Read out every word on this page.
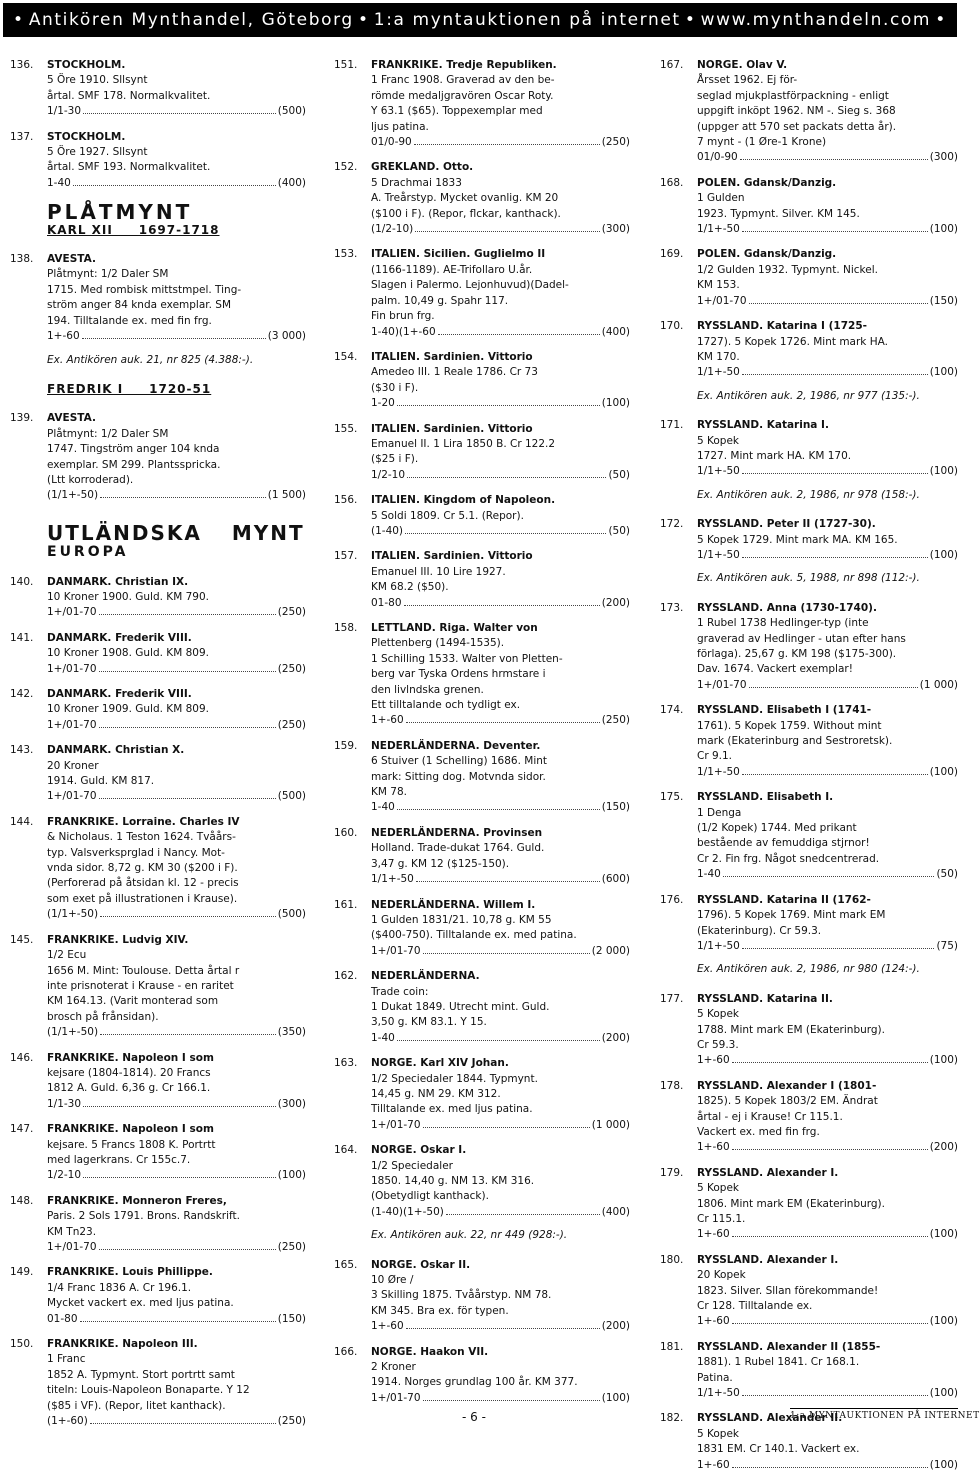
• Antikören Mynthandel, Göteborg • 1:a myntauktionen på internet • www.mynthandeln.com •
136. STOCKHOLM.
5 Öre 1910. Sllsynt
årtal. SMF 178. Normalkvalitet.
1/1-30	(500)
137. STOCKHOLM.
5 Öre 1927. Sllsynt
årtal. SMF 193. Normalkvalitet.
1-40	(400)
PLÅTMYNT
KARL XII     1697-1718
138. AVESTA.
Plåtmynt: 1/2 Daler SM
1715. Med rombisk mittstmpel. Ting-
ström anger 84 knda exemplar. SM
194. Tilltalande ex. med fin frg.
1+-60	(3 000)
Ex. Antikören auk. 21, nr 825 (4.388:-).
FREDRIK I     1720-51
139. AVESTA.
Plåtmynt: 1/2 Daler SM
1747. Tingström anger 104 knda
exemplar. SM 299. Plantsspricka.
(Ltt korroderad).
(1/1+-50)	(1 500)
UTLÄNDSKA MYNT
EUROPA
140. DANMARK. Christian IX.
10 Kroner 1900. Guld. KM 790.
1+/01-70	(250)
141. DANMARK. Frederik VIII.
10 Kroner 1908. Guld. KM 809.
1+/01-70	(250)
142. DANMARK. Frederik VIII.
10 Kroner 1909. Guld. KM 809.
1+/01-70	(250)
143. DANMARK. Christian X.
20 Kroner
1914. Guld. KM 817.
1+/01-70	(500)
144. FRANKRIKE. Lorraine. Charles IV
& Nicholaus. 1 Teston 1624. Tvåårs-
typ. Valsverksprglad i Nancy. Mot-
vnda sidor. 8,72 g. KM 30 ($200 i F).
(Perforerad på åtsidan kl. 12 - precis
som exet på illustrationen i Krause).
(1/1+-50)	(500)
145. FRANKRIKE. Ludvig XIV.
1/2 Ecu
1656 M. Mint: Toulouse. Detta årtal r
inte prisnoterat i Krause - en raritet
KM 164.13. (Varit monterad som
brosch på frånsidan).
(1/1+-50)	(350)
146. FRANKRIKE. Napoleon I som
kejsare (1804-1814). 20 Francs
1812 A. Guld. 6,36 g. Cr 166.1.
1/1-30	(300)
147. FRANKRIKE. Napoleon I som
kejsare. 5 Francs 1808 K. Portrtt
med lagerkrans. Cr 155c.7.
1/2-10	(100)
148. FRANKRIKE. Monneron Freres,
Paris. 2 Sols 1791. Brons. Randskrift.
KM Tn23.
1+/01-70	(250)
149. FRANKRIKE. Louis Phillippe.
1/4 Franc 1836 A. Cr 196.1.
Mycket vackert ex. med ljus patina.
01-80	(150)
150. FRANKRIKE. Napoleon III.
1 Franc
1852 A. Typmynt. Stort portrtt samt
titeln: Louis-Napoleon Bonaparte. Y 12
($85 i VF). (Repor, litet kanthack).
(1+-60)	(250)
151. FRANKRIKE. Tredje Republiken.
1 Franc 1908. Graverad av den be-
römde medaljgravören Oscar Roty.
Y 63.1 ($65). Toppexemplar med
ljus patina.
01/0-90	(250)
152. GREKLAND. Otto.
5 Drachmai 1833
A. Treårstyp. Mycket ovanlig. KM 20
($100 i F). (Repor, flckar, kanthack).
(1/2-10)	(300)
153. ITALIEN. Sicilien. Guglielmo II
(1166-1189). AE-Trifollaro U.år.
Slagen i Palermo. Lejonhuvud)(Dadel-
palm. 10,49 g. Spahr 117.
Fin brun frg.
1-40)(1+-60	(400)
154. ITALIEN. Sardinien. Vittorio
Amedeo III. 1 Reale 1786. Cr 73
($30 i F).
1-20	(100)
155. ITALIEN. Sardinien. Vittorio
Emanuel II. 1 Lira 1850 B. Cr 122.2
($25 i F).
1/2-10	(50)
156. ITALIEN. Kingdom of Napoleon.
5 Soldi 1809. Cr 5.1. (Repor).
(1-40)	(50)
157. ITALIEN. Sardinien. Vittorio
Emanuel III. 10 Lire 1927.
KM 68.2 ($50).
01-80	(200)
158. LETTLAND. Riga. Walter von
Plettenberg (1494-1535).
1 Schilling 1533. Walter von Pletten-
berg var Tyska Ordens hrmstare i
den livlndska grenen.
Ett tilltalande och tydligt ex.
1+-60	(250)
159. NEDERLÄNDERNA. Deventer.
6 Stuiver (1 Schelling) 1686. Mint
mark: Sitting dog. Motvnda sidor.
KM 78.
1-40	(150)
160. NEDERLÄNDERNA. Provinsen
Holland. Trade-dukat 1764. Guld.
3,47 g. KM 12 ($125-150).
1/1+-50	(600)
161. NEDERLÄNDERNA. Willem I.
1 Gulden 1831/21. 10,78 g. KM 55
($400-750). Tilltalande ex. med patina.
1+/01-70	(2 000)
162. NEDERLÄNDERNA.
Trade coin:
1 Dukat 1849. Utrecht mint. Guld.
3,50 g. KM 83.1. Y 15.
1-40	(200)
163. NORGE. Karl XIV Johan.
1/2 Speciedaler 1844. Typmynt.
14,45 g. NM 29. KM 312.
Tilltalande ex. med ljus patina.
1+/01-70	(1 000)
164. NORGE. Oskar I.
1/2 Speciedaler
1850. 14,40 g. NM 13. KM 316.
(Obetydligt kanthack).
(1-40)(1+-50)	(400)
Ex. Antikören auk. 22, nr 449 (928:-).
165. NORGE. Oskar II.
10 Øre /
3 Skilling 1875. Tvåårstyp. NM 78.
KM 345. Bra ex. för typen.
1+-60	(200)
166. NORGE. Haakon VII.
2 Kroner
1914. Norges grundlag 100 år. KM 377.
1+/01-70	(100)
167. NORGE. Olav V.
Årsset 1962. Ej för-
seglad mjukplastförpackning - enligt
uppgift inköpt 1962. NM -. Sieg s. 368
(uppger att 570 set packats detta år).
7 mynt - (1 Øre-1 Krone)
01/0-90	(300)
168. POLEN. Gdansk/Danzig.
1 Gulden
1923. Typmynt. Silver. KM 145.
1/1+-50	(100)
169. POLEN. Gdansk/Danzig.
1/2 Gulden 1932. Typmynt. Nickel.
KM 153.
1+/01-70	(150)
170. RYSSLAND. Katarina I (1725-
1727). 5 Kopek 1726. Mint mark HA.
KM 170.
1/1+-50	(100)
Ex. Antikören auk. 2, 1986, nr 977 (135:-).
171. RYSSLAND. Katarina I.
5 Kopek
1727. Mint mark HA. KM 170.
1/1+-50	(100)
Ex. Antikören auk. 2, 1986, nr 978 (158:-).
172. RYSSLAND. Peter II (1727-30).
5 Kopek 1729. Mint mark MA. KM 165.
1/1+-50	(100)
Ex. Antikören auk. 5, 1988, nr 898 (112:-).
173. RYSSLAND. Anna (1730-1740).
1 Rubel 1738 Hedlinger-typ (inte
graverad av Hedlinger - utan efter hans
förlaga). 25,67 g. KM 198 ($175-300).
Dav. 1674. Vackert exemplar!
1+/01-70	(1 000)
174. RYSSLAND. Elisabeth I (1741-
1761). 5 Kopek 1759. Without mint
mark (Ekaterinburg and Sestroretsk).
Cr 9.1.
1/1+-50	(100)
175. RYSSLAND. Elisabeth I.
1 Denga
(1/2 Kopek) 1744. Med prikant
bestående av femuddiga stjrnor!
Cr 2. Fin frg. Något snedcentrerad.
1-40	(50)
176. RYSSLAND. Katarina II (1762-
1796). 5 Kopek 1769. Mint mark EM
(Ekaterinburg). Cr 59.3.
1/1+-50	(75)
Ex. Antikören auk. 2, 1986, nr 980 (124:-).
177. RYSSLAND. Katarina II.
5 Kopek
1788. Mint mark EM (Ekaterinburg).
Cr 59.3.
1+-60	(100)
178. RYSSLAND. Alexander I (1801-
1825). 5 Kopek 1803/2 EM. Ändrat
årtal - ej i Krause! Cr 115.1.
Vackert ex. med fin frg.
1+-60	(200)
179. RYSSLAND. Alexander I.
5 Kopek
1806. Mint mark EM (Ekaterinburg).
Cr 115.1.
1+-60	(100)
180. RYSSLAND. Alexander I.
20 Kopek
1823. Silver. Sllan förekommande!
Cr 128. Tilltalande ex.
1+-60	(100)
181. RYSSLAND. Alexander II (1855-
1881). 1 Rubel 1841. Cr 168.1.
Patina.
1/1+-50	(100)
182. RYSSLAND. Alexander II.
5 Kopek
1831 EM. Cr 140.1. Vackert ex.
1+-60	(100)
- 6 -	1:a MYNTAUKTIONEN PÅ INTERNET
